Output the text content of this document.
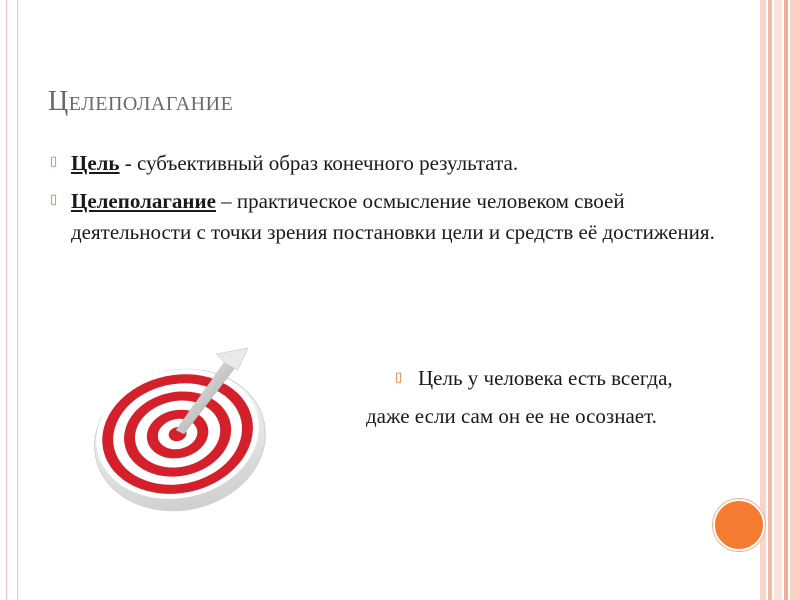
Целеполагание
▯ Цель - субъективный образ конечного результата.
▯ Целеполагание – практическое осмысление человеком своей деятельности с точки зрения постановки цели и средств её достижения.
▯ Цель у человека есть всегда,
даже если сам он ее не осознает.
